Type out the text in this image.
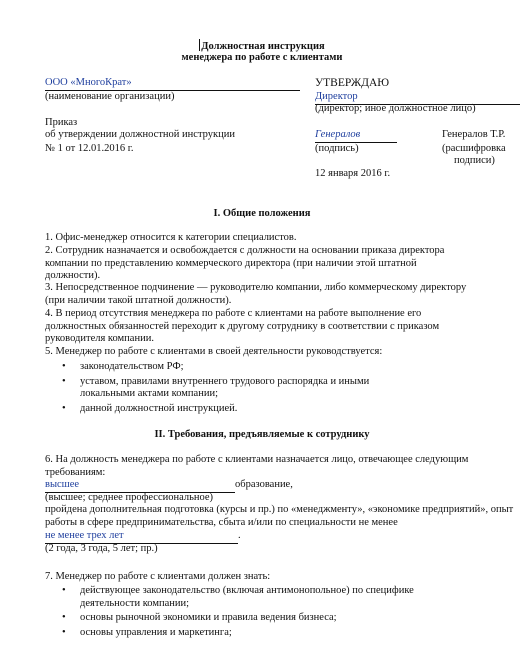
Должностная инструкция
менеджера по работе с клиентами
ООО «МногоКрат»
(наименование организации)
УТВЕРЖДАЮ
Директор
(директор; иное должностное лицо)
Генералов
(подпись)
Генералов Т.Р.
(расшифровка
подписи)
12 января 2016 г.
Приказ
об утверждении должностной инструкции
№ 1 от 12.01.2016 г.
I. Общие положения
1. Офис-менеджер относится к категории специалистов.
2. Сотрудник назначается и освобождается с должности на основании приказа директора компании по представлению коммерческого директора (при наличии этой штатной должности).
3. Непосредственное подчинение — руководителю компании, либо коммерческому директору (при наличии такой штатной должности).
4. В период отсутствия менеджера по работе с клиентами на работе выполнение его должностных обязанностей переходит к другому сотруднику в соответствии с приказом руководителя компании.
5. Менеджер по работе с клиентами в своей деятельности руководствуется:
• законодательством РФ;
• уставом, правилами внутреннего трудового распорядка и иными локальными актами компании;
• данной должностной инструкцией.
II. Требования, предъявляемые к сотруднику
6. На должность менеджера по работе с клиентами назначается лицо, отвечающее следующим требованиям:
высшее	образование,
(высшее; среднее профессиональное)
пройдена дополнительная подготовка (курсы и пр.) по «менеджменту», «экономике предприятий», опыт работы в сфере предпринимательства, сбыта и/или по специальности не менее
не менее трех лет	.
(2 года, 3 года, 5 лет; пр.)
7. Менеджер по работе с клиентами должен знать:
• действующее законодательство (включая антимонопольное) по специфике деятельности компании;
• основы рыночной экономики и правила ведения бизнеса;
• основы управления и маркетинга;
